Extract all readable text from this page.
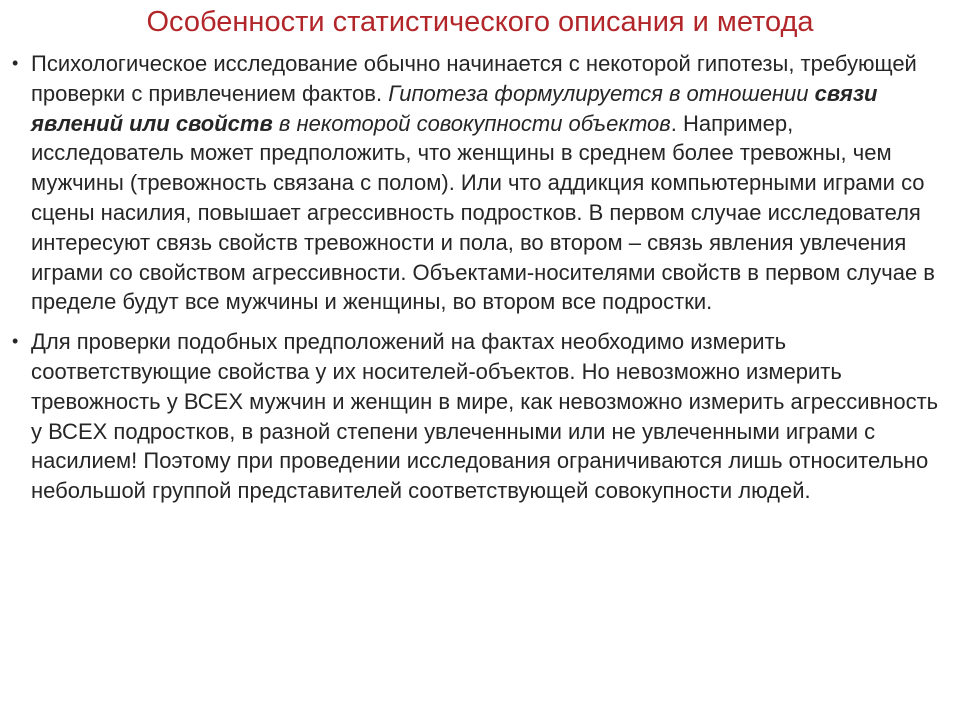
Особенности статистического описания и метода
• Психологическое исследование обычно начинается с некоторой гипотезы, требующей проверки с привлечением фактов. Гипотеза формулируется в отношении связи явлений или свойств в некоторой совокупности объектов. Например, исследователь может предположить, что женщины в среднем более тревожны, чем мужчины (тревожность связана с полом). Или что аддикция компьютерными играми со сцены насилия, повышает агрессивность подростков. В первом случае исследователя интересуют связь свойств тревожности и пола, во втором – связь явления увлечения играми со свойством агрессивности. Объектами-носителями свойств в первом случае в пределе будут все мужчины и женщины, во втором все подростки.
• Для проверки подобных предположений на фактах необходимо измерить соответствующие свойства у их носителей-объектов. Но невозможно измерить тревожность у ВСЕХ мужчин и женщин в мире, как невозможно измерить агрессивность у ВСЕХ подростков, в разной степени увлеченными или не увлеченными играми с насилием! Поэтому при проведении исследования ограничиваются лишь относительно небольшой группой представителей соответствующей совокупности людей.
